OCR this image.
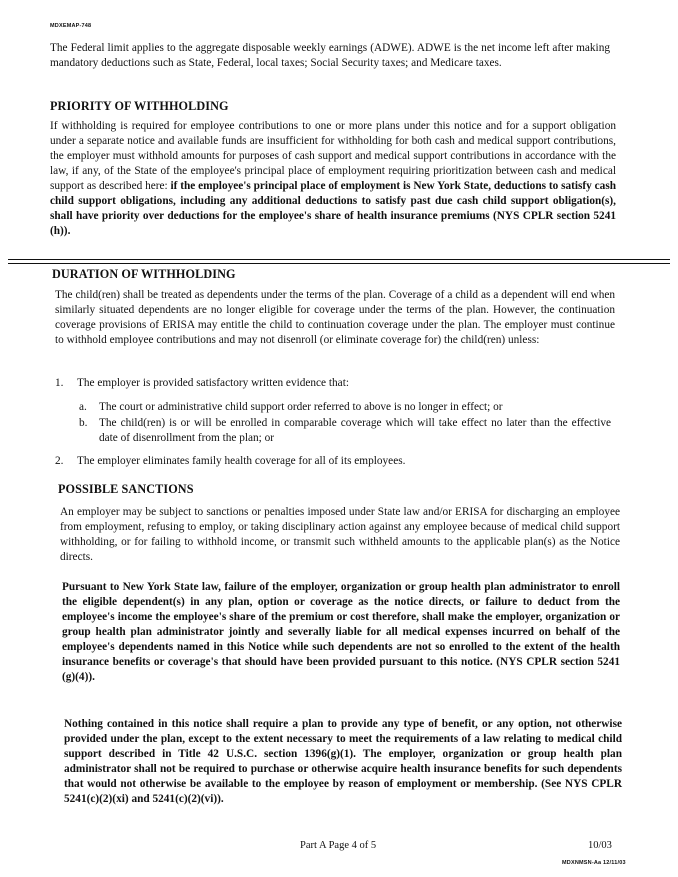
MDXEMAP-748
The Federal limit applies to the aggregate disposable weekly earnings (ADWE). ADWE is the net income left after making mandatory deductions such as State, Federal, local taxes; Social Security taxes; and Medicare taxes.
PRIORITY OF WITHHOLDING
If withholding is required for employee contributions to one or more plans under this notice and for a support obligation under a separate notice and available funds are insufficient for withholding for both cash and medical support contributions, the employer must withhold amounts for purposes of cash support and medical support contributions in accordance with the law, if any, of the State of the employee's principal place of employment requiring prioritization between cash and medical support as described here: if the employee's principal place of employment is New York State, deductions to satisfy cash child support obligations, including any additional deductions to satisfy past due cash child support obligation(s), shall have priority over deductions for the employee's share of health insurance premiums (NYS CPLR section 5241 (h)).
DURATION OF WITHHOLDING
The child(ren) shall be treated as dependents under the terms of the plan. Coverage of a child as a dependent will end when similarly situated dependents are no longer eligible for coverage under the terms of the plan. However, the continuation coverage provisions of ERISA may entitle the child to continuation coverage under the plan. The employer must continue to withhold employee contributions and may not disenroll (or eliminate coverage for) the child(ren) unless:
1. The employer is provided satisfactory written evidence that:
a. The court or administrative child support order referred to above is no longer in effect; or
b. The child(ren) is or will be enrolled in comparable coverage which will take effect no later than the effective date of disenrollment from the plan; or
2. The employer eliminates family health coverage for all of its employees.
POSSIBLE SANCTIONS
An employer may be subject to sanctions or penalties imposed under State law and/or ERISA for discharging an employee from employment, refusing to employ, or taking disciplinary action against any employee because of medical child support withholding, or for failing to withhold income, or transmit such withheld amounts to the applicable plan(s) as the Notice directs.
Pursuant to New York State law, failure of the employer, organization or group health plan administrator to enroll the eligible dependent(s) in any plan, option or coverage as the notice directs, or failure to deduct from the employee's income the employee's share of the premium or cost therefore, shall make the employer, organization or group health plan administrator jointly and severally liable for all medical expenses incurred on behalf of the employee's dependents named in this Notice while such dependents are not so enrolled to the extent of the health insurance benefits or coverage's that should have been provided pursuant to this notice. (NYS CPLR section 5241 (g)(4)).
Nothing contained in this notice shall require a plan to provide any type of benefit, or any option, not otherwise provided under the plan, except to the extent necessary to meet the requirements of a law relating to medical child support described in Title 42 U.S.C. section 1396(g)(1). The employer, organization or group health plan administrator shall not be required to purchase or otherwise acquire health insurance benefits for such dependents that would not otherwise be available to the employee by reason of employment or membership. (See NYS CPLR 5241(c)(2)(xi) and 5241(c)(2)(vi)).
Part A Page 4 of 5	10/03
MDXNMSN-Aa 12/11/03
